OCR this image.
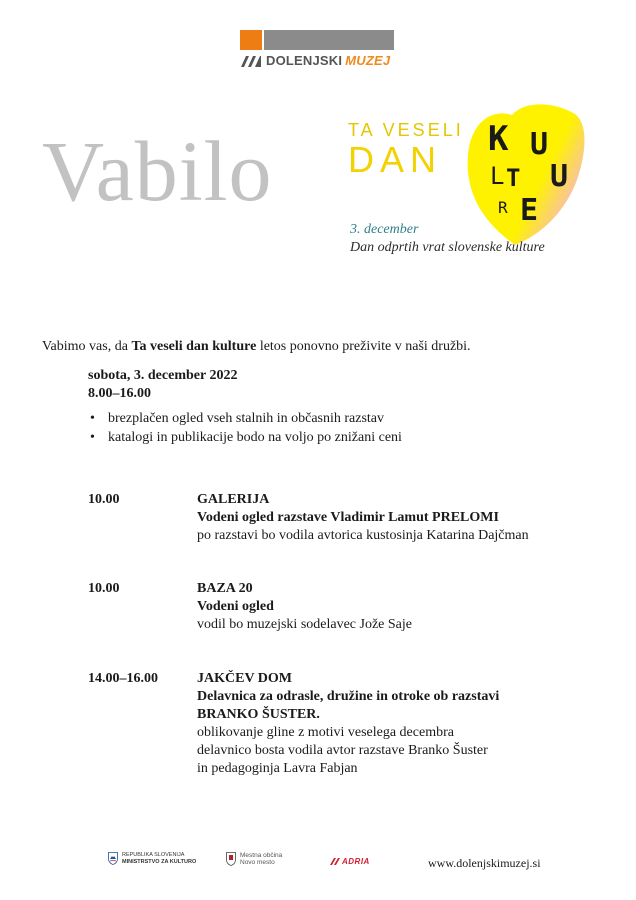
DOLENJSKI MUZEJ
Vabilo	TA VESELI
DAN K U
L T U
R E
3. december
Dan odprtih vrat slovenske kulture
Vabimo vas, da Ta veseli dan kulture letos ponovno preživite v naši družbi.
sobota, 3. december 2022
8.00–16.00
• brezplačen ogled vseh stalnih in občasnih razstav
• katalogi in publikacije bodo na voljo po znižani ceni
10.00	GALERIJA
Vodeni ogled razstave Vladimir Lamut PRELOMI
po razstavi bo vodila avtorica kustosinja Katarina Dajčman
10.00	BAZA 20
Vodeni ogled
vodil bo muzejski sodelavec Jože Saje
14.00–16.00	JAKČEV DOM
Delavnica za odrasle, družine in otroke ob razstavi
BRANKO ŠUSTER.
oblikovanje gline z motivi veselega decembra
delavnico bosta vodila avtor razstave Branko Šuster
in pedagoginja Lavra Fabjan
REPUBLIKA SLOVENIJA
MINISTRSTVO ZA KULTURO
Mestna občina
Novo mesto	ADRIA	www.dolenjskimuzej.si
